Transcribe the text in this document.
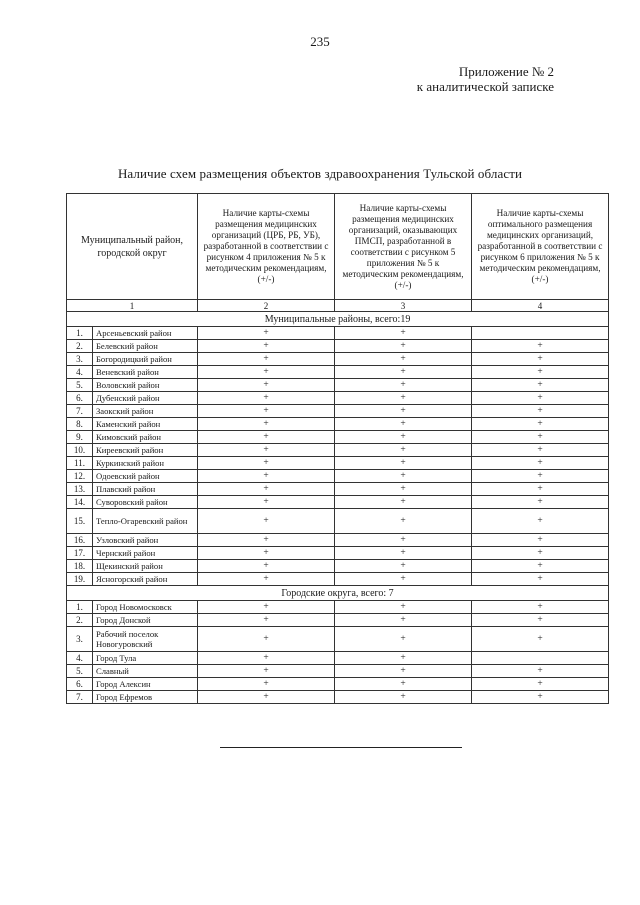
235
Приложение № 2
к аналитической записке
Наличие схем размещения объектов здравоохранения Тульской области
Муниципальный район, городской округ		Наличие карты-схемы размещения медицинских организаций (ЦРБ, РБ, УБ), разработанной в соответствии с рисунком 4 приложения № 5 к методическим рекомендациям, (+/-)	Наличие карты-схемы размещения медицинских организаций, оказывающих ПМСП, разработанной в соответствии с рисунком 5 приложения № 5 к методическим рекомендациям, (+/-)	Наличие карты-схемы оптимального размещения медицинских организаций, разработанной в соответствии с рисунком 6 приложения № 5 к методическим рекомендациям, (+/-)
1		2	3	4
Муниципальные районы, всего:19				
1.	Арсеньевский район	+	+	
2.	Белевский район	+	+	+
3.	Богородицкий район	+	+	+
4.	Веневский район	+	+	+
5.	Воловский район	+	+	+
6.	Дубенский район	+	+	+
7.	Заокский район	+	+	+
8.	Каменский район	+	+	+
9.	Кимовский район	+	+	+
10.	Киреевский район	+	+	+
11.	Куркинский район	+	+	+
12.	Одоевский район	+	+	+
13.	Плавский район	+	+	+
14.	Суворовский район	+	+	+
15.	Тепло-Огаревский район	+	+	+
16.	Узловский район	+	+	+
17.	Чернский район	+	+	+
18.	Щекинский район	+	+	+
19.	Ясногорский район	+	+	+
Городские округа, всего: 7				
1.	Город Новомосковск	+	+	+
2.	Город Донской	+	+	+
3.	Рабочий поселок Новогуровский	+	+	+
4.	Город Тула	+	+	
5.	Славный	+	+	+
6.	Город Алексин	+	+	+
7.	Город Ефремов	+	+	+
